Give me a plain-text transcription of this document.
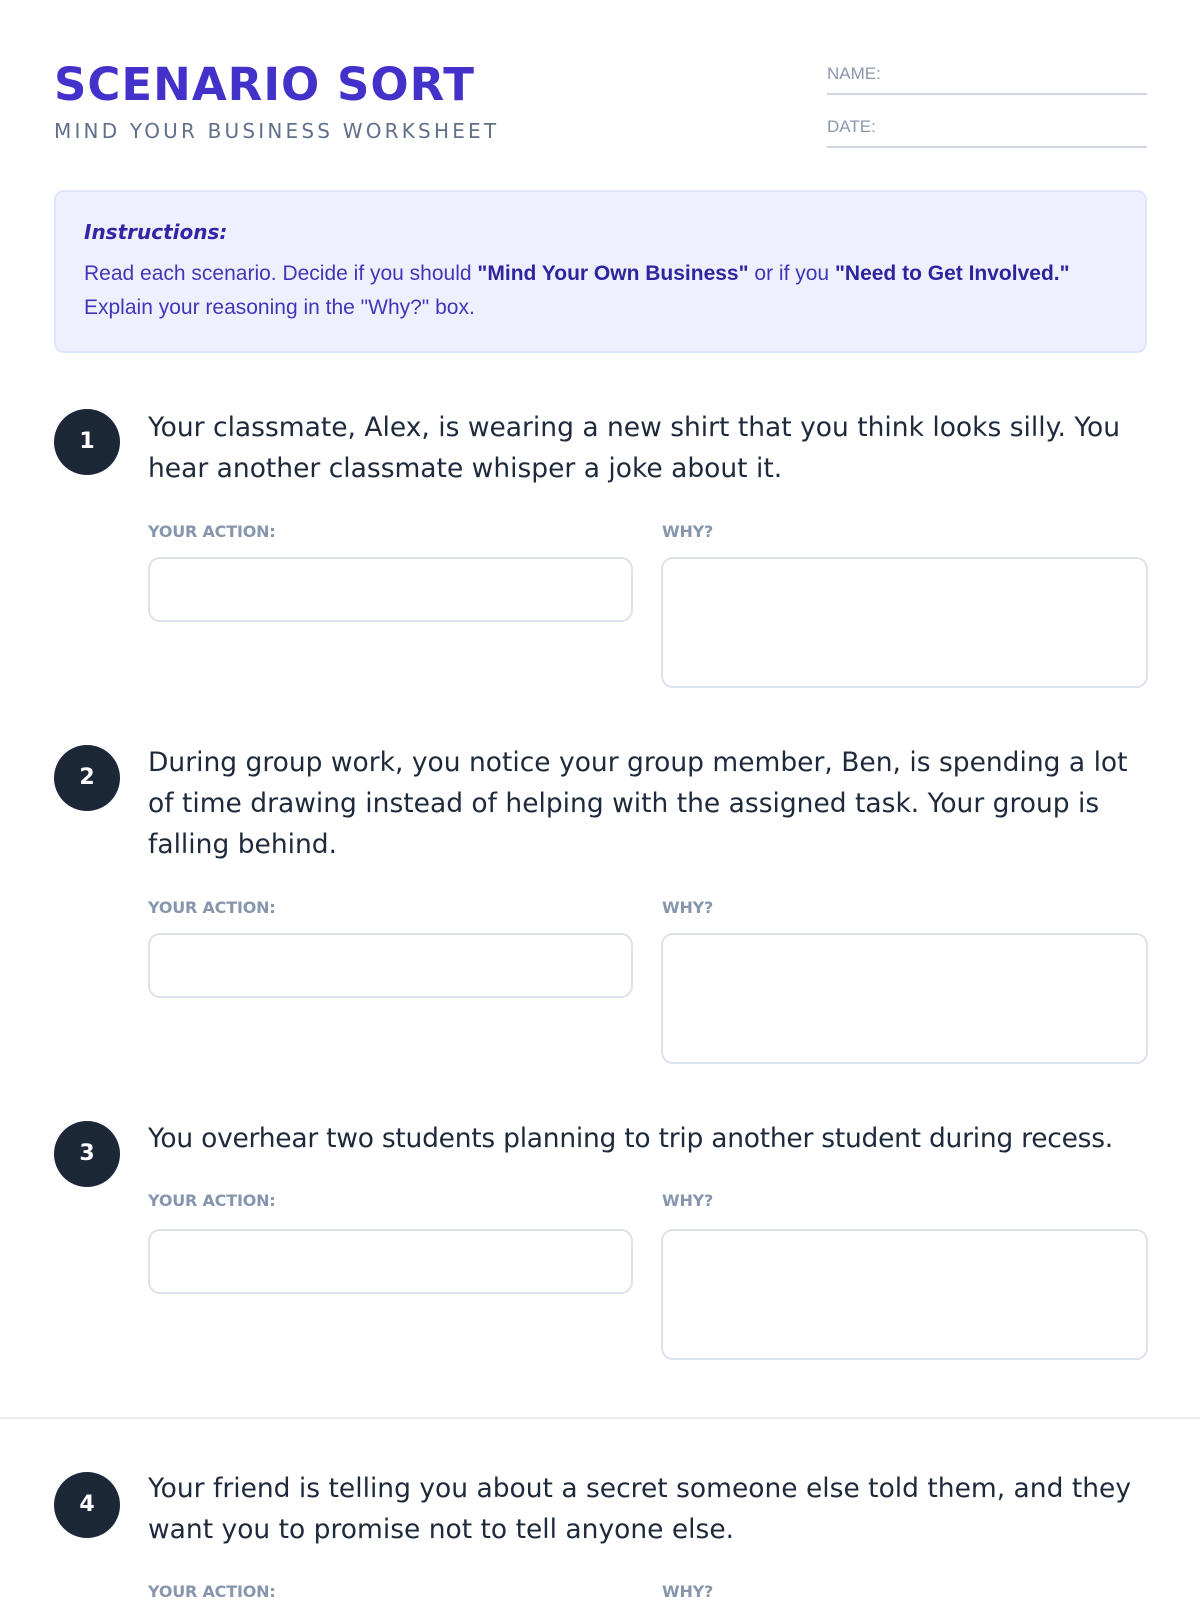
SCENARIO SORT
MIND YOUR BUSINESS WORKSHEET
NAME:
DATE:
Instructions:
Read each scenario. Decide if you should "Mind Your Own Business" or if you "Need to Get Involved." Explain your reasoning in the "Why?" box.
1	Your classmate, Alex, is wearing a new shirt that you think looks silly. You hear another classmate whisper a joke about it.
YOUR ACTION:	WHY?
2	During group work, you notice your group member, Ben, is spending a lot of time drawing instead of helping with the assigned task. Your group is falling behind.
YOUR ACTION:	WHY?
3	You overhear two students planning to trip another student during recess.
YOUR ACTION:	WHY?
4
Your friend is telling you about a secret someone else told them, and they want you to promise not to tell anyone else.
YOUR ACTION:	WHY?
